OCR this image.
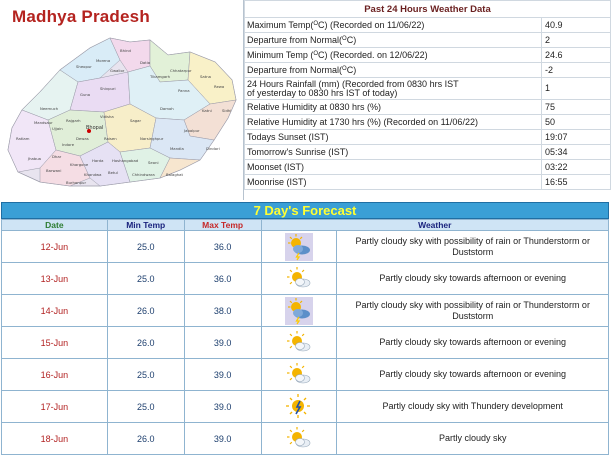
Bhopal
Sheopur
Morena
Bhind
Gwalior
Datia
Shivpuri
Guna
Tikamgarh
Chhatarpur
Panna
Satna
Rewa
Katni	Sidhi
Neemuch
Mandsaur
Ratlam
Ujjain
Rajgarh
Vidisha
Sagar
Damoh
Jabalpur
Dindori
Jhabua	Dhar
Indore
Dewas	Raisen	Narsinghpur
Mandla
Barwani
Khargone
Harda Hoshangabad	Seoni
Balaghat
Khandwa Betul	Chhindwara
Burhanpur
Madhya Pradesh	Past 24 Hours Weather Data	
Maximum Temp($^O$C) (Recorded on 11/06/22)	40.9
Departure from Normal($^O$C)	2
Minimum Temp ($^O$C) (Recorded. on 12/06/22)	24.6
Departure from Normal($^O$C)	-2
24 Hours Rainfall (mm) (Recorded from 0830 hrs IST
of yesterday to 0830 hrs IST of today)	1
Relative Humidity at 0830 hrs (%)	75
Relative Humidity at 1730 hrs (%) (Recorded on 11/06/22)	50
Todays Sunset (IST)	19:07
Tomorrow's Sunrise (IST)	05:34
Moonset (IST)	03:22
Moonrise (IST)	16:55
7 Day's Forecast
Date	Min Temp	Max Temp	Weather	
12-Jun	25.0	36.0		Partly cloudy sky with possibility of rain or Thunderstorm or Duststorm
13-Jun	25.0	36.0		Partly cloudy sky towards afternoon or evening
14-Jun	26.0	38.0		Partly cloudy sky with possibility of rain or Thunderstorm or Duststorm
15-Jun	26.0	39.0		Partly cloudy sky towards afternoon or evening
16-Jun	25.0	39.0		Partly cloudy sky towards afternoon or evening
17-Jun	25.0	39.0		Partly cloudy sky with Thundery development
18-Jun	26.0	39.0		Partly cloudy sky
